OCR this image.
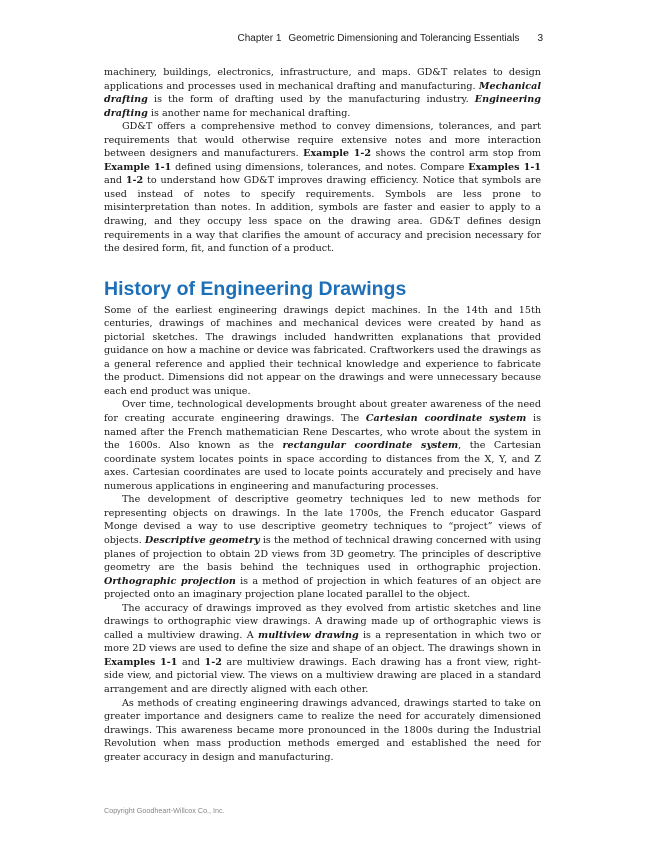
Chapter 1 Geometric Dimensioning and Tolerancing Essentials 3

machinery, buildings, electronics, infrastructure, and maps. GD&T relates to design applications and processes used in mechanical drafting and manufacturing. Mechanical drafting is the form of drafting used by the manufacturing industry. Engineering drafting is another name for mechanical drafting.

GD&T offers a comprehensive method to convey dimensions, tolerances, and part requirements that would otherwise require extensive notes and more interaction between designers and manufacturers. Example 1-2 shows the control arm stop from Example 1-1 defined using dimensions, tolerances, and notes. Compare Examples 1-1 and 1-2 to understand how GD&T improves drawing efficiency. Notice that symbols are used instead of notes to specify requirements. Symbols are less prone to misinterpretation than notes. In addition, symbols are faster and easier to apply to a drawing, and they occupy less space on the drawing area. GD&T defines design requirements in a way that clarifies the amount of accuracy and precision necessary for the desired form, fit, and function of a product.

History of Engineering Drawings

Some of the earliest engineering drawings depict machines. In the 14th and 15th centuries, drawings of machines and mechanical devices were created by hand as pictorial sketches. The drawings included handwritten explanations that provided guidance on how a machine or device was fabricated. Craftworkers used the drawings as a general reference and applied their technical knowledge and experience to fabricate the product. Dimensions did not appear on the drawings and were unnecessary because each end product was unique.

Over time, technological developments brought about greater awareness of the need for creating accurate engineering drawings. The Cartesian coordinate system is named after the French mathematician Rene Descartes, who wrote about the system in the 1600s. Also known as the rectangular coordinate system, the Cartesian coordinate system locates points in space according to distances from the X, Y, and Z axes. Cartesian coordinates are used to locate points accurately and precisely and have numerous applications in engineering and manufacturing processes.

The development of descriptive geometry techniques led to new methods for representing objects on drawings. In the late 1700s, the French educator Gaspard Monge devised a way to use descriptive geometry techniques to “project” views of objects. Descriptive geometry is the method of technical drawing concerned with using planes of projection to obtain 2D views from 3D geometry. The principles of descriptive geometry are the basis behind the techniques used in orthographic projection. Orthographic projection is a method of projection in which features of an object are projected onto an imaginary projection plane located parallel to the object.

The accuracy of drawings improved as they evolved from artistic sketches and line drawings to orthographic view drawings. A drawing made up of orthographic views is called a multiview drawing. A multiview drawing is a representation in which two or more 2D views are used to define the size and shape of an object. The drawings shown in Examples 1-1 and 1-2 are multiview drawings. Each drawing has a front view, right-side view, and pictorial view. The views on a multiview drawing are placed in a standard arrangement and are directly aligned with each other.

As methods of creating engineering drawings advanced, drawings started to take on greater importance and designers came to realize the need for accurately dimensioned drawings. This awareness became more pronounced in the 1800s during the Industrial Revolution when mass production methods emerged and established the need for greater accuracy in design and manufacturing.

Copyright Goodheart-Willcox Co., Inc.
